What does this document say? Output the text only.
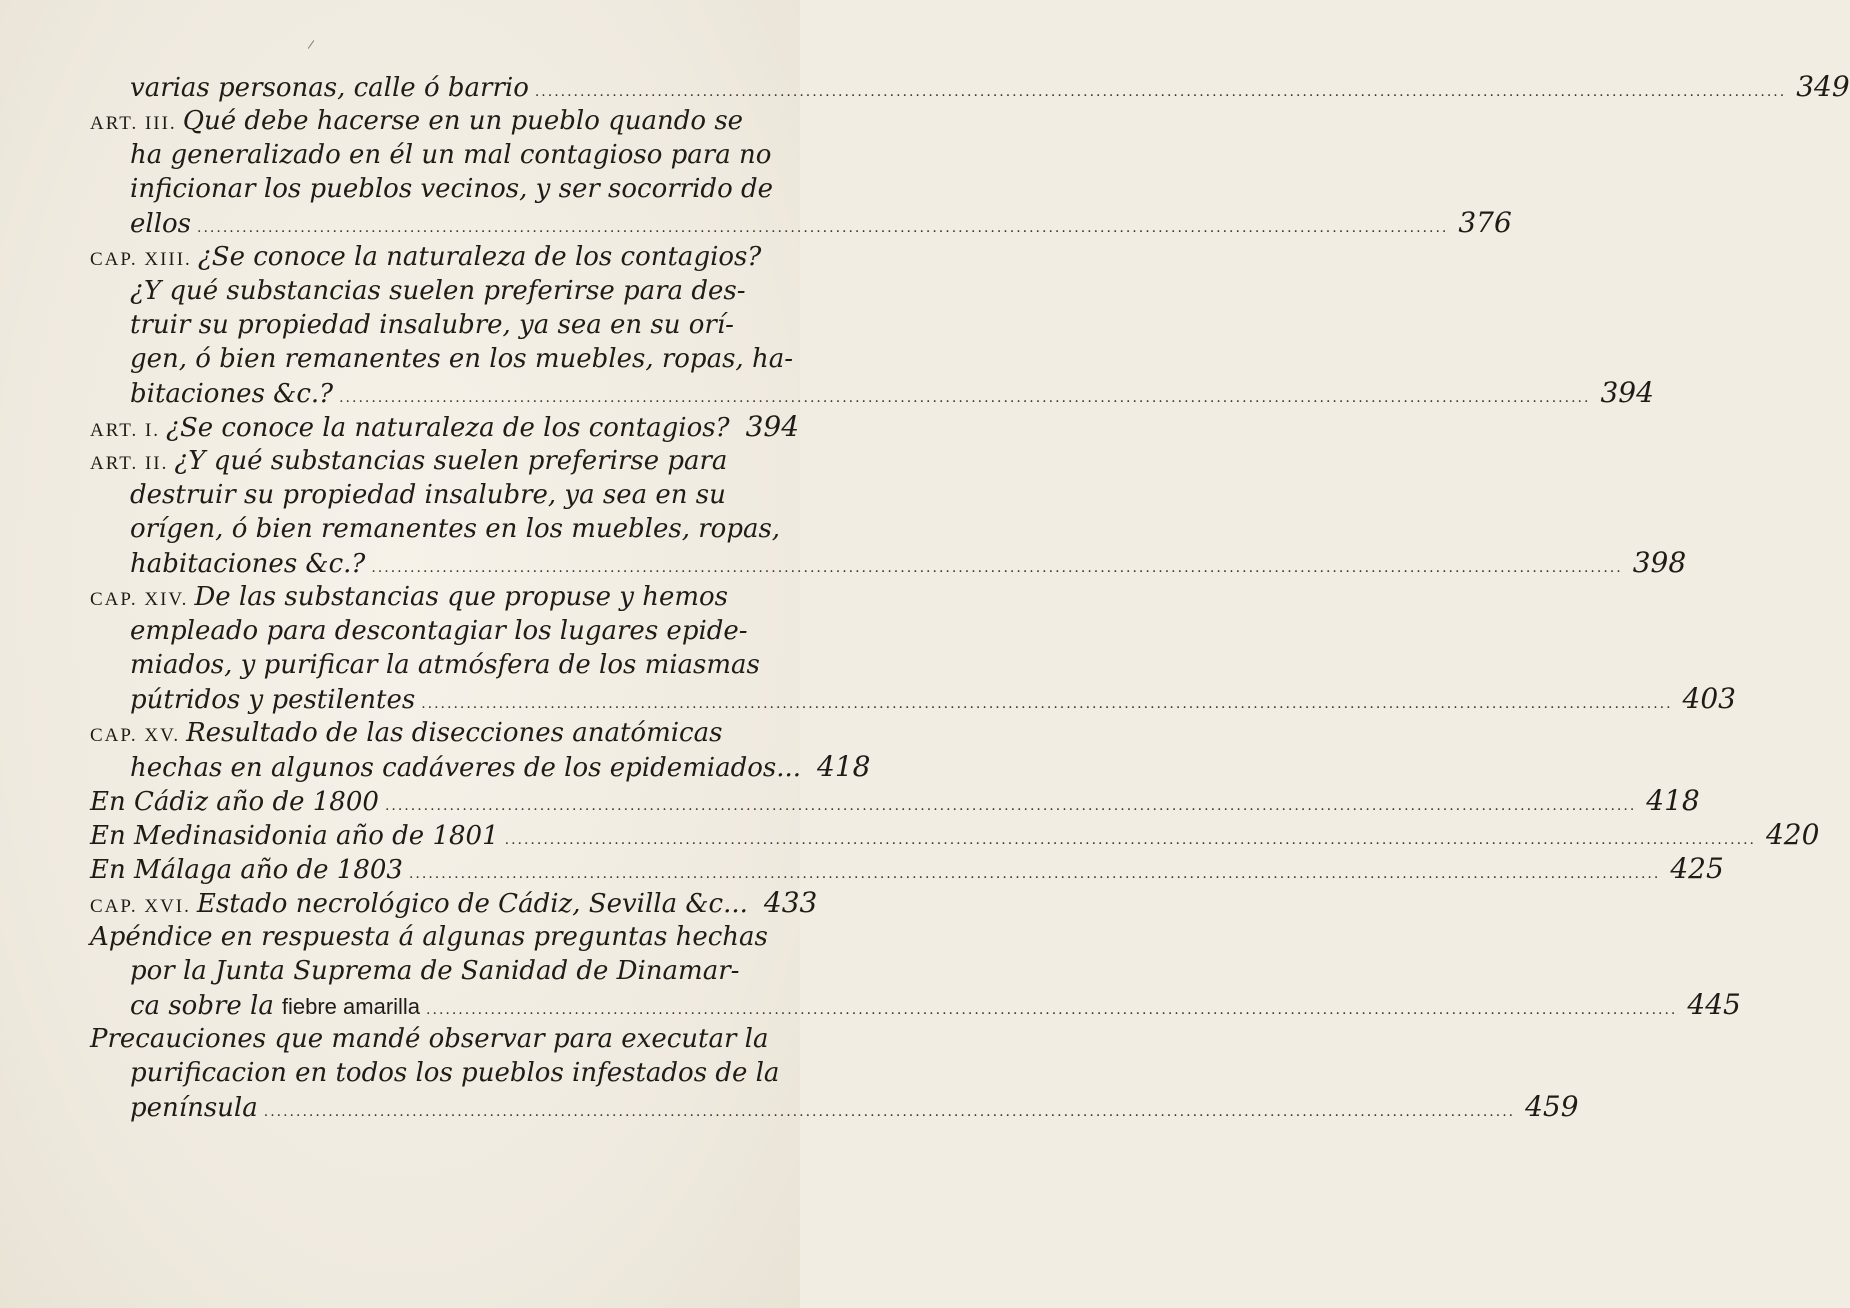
varias personas, calle ó barrio .....	349
ART. III. Qué debe hacerse en un pueblo quando se
ha generalizado en él un mal contagioso para no
inficionar los pueblos vecinos, y ser socorrido de
ellos .....	376
CAP. XIII. ¿Se conoce la naturaleza de los contagios?
¿Y qué substancias suelen preferirse para des-
truir su propiedad insalubre, ya sea en su orí-
gen, ó bien remanentes en los muebles, ropas, ha-
bitaciones &c.? .....	394
ART. I. ¿Se conoce la naturaleza de los contagios? 394
ART. II. ¿Y qué substancias suelen preferirse para
destruir su propiedad insalubre, ya sea en su
orígen, ó bien remanentes en los muebles, ropas,
habitaciones &c.? .....	398
CAP. XIV. De las substancias que propuse y hemos
empleado para descontagiar los lugares epide-
miados, y purificar la atmósfera de los miasmas
pútridos y pestilentes .....	403
CAP. XV. Resultado de las disecciones anatómicas
hechas en algunos cadáveres de los epidemiados... 418
En Cádiz año de 1800 .....	418
En Medinasidonia año de 1801 .....	420
En Málaga año de 1803 .....	425
CAP. XVI. Estado necrológico de Cádiz, Sevilla &c... 433
Apéndice en respuesta á algunas preguntas hechas
por la Junta Suprema de Sanidad de Dinamar-
ca sobre la fiebre amarilla .....	445
Precauciones que mandé observar para executar la
purificacion en todos los pueblos infestados de la
península .....	459
